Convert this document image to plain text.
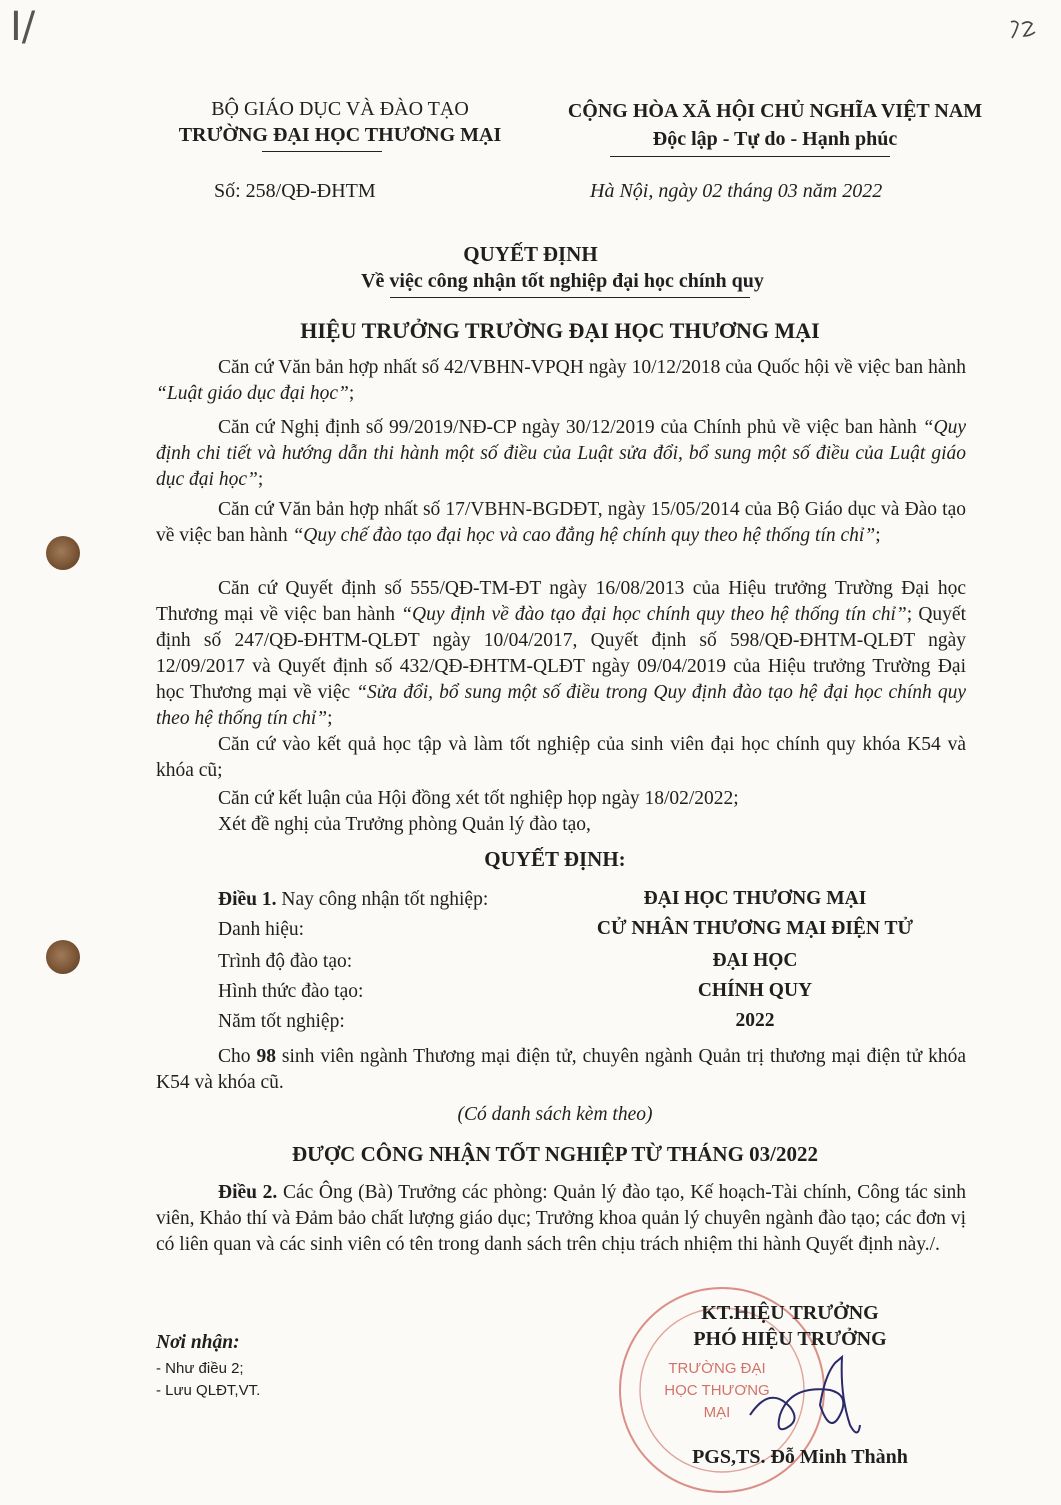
I/
BỘ GIÁO DỤC VÀ ĐÀO TẠO
TRƯỜNG ĐẠI HỌC THƯƠNG MẠI
CỘNG HÒA XÃ HỘI CHỦ NGHĨA VIỆT NAM
Độc lập - Tự do - Hạnh phúc
Số: 258/QĐ-ĐHTM	Hà Nội, ngày 02 tháng 03 năm 2022
QUYẾT ĐỊNH
Về việc công nhận tốt nghiệp đại học chính quy
HIỆU TRƯỞNG TRƯỜNG ĐẠI HỌC THƯƠNG MẠI
Căn cứ Văn bản hợp nhất số 42/VBHN-VPQH ngày 10/12/2018 của Quốc hội về việc ban hành “Luật giáo dục đại học”;
Căn cứ Nghị định số 99/2019/NĐ-CP ngày 30/12/2019 của Chính phủ về việc ban hành “Quy định chi tiết và hướng dẫn thi hành một số điều của Luật sửa đổi, bổ sung một số điều của Luật giáo dục đại học”;
Căn cứ Văn bản hợp nhất số 17/VBHN-BGDĐT, ngày 15/05/2014 của Bộ Giáo dục và Đào tạo về việc ban hành “Quy chế đào tạo đại học và cao đẳng hệ chính quy theo hệ thống tín chỉ”;
Căn cứ Quyết định số 555/QĐ-TM-ĐT ngày 16/08/2013 của Hiệu trưởng Trường Đại học Thương mại về việc ban hành “Quy định về đào tạo đại học chính quy theo hệ thống tín chỉ”; Quyết định số 247/QĐ-ĐHTM-QLĐT ngày 10/04/2017, Quyết định số 598/QĐ-ĐHTM-QLĐT ngày 12/09/2017 và Quyết định số 432/QĐ-ĐHTM-QLĐT ngày 09/04/2019 của Hiệu trưởng Trường Đại học Thương mại về việc “Sửa đổi, bổ sung một số điều trong Quy định đào tạo hệ đại học chính quy theo hệ thống tín chỉ”;
Căn cứ vào kết quả học tập và làm tốt nghiệp của sinh viên đại học chính quy khóa K54 và khóa cũ;
Căn cứ kết luận của Hội đồng xét tốt nghiệp họp ngày 18/02/2022;
Xét đề nghị của Trưởng phòng Quản lý đào tạo,
QUYẾT ĐỊNH:
Điều 1. Nay công nhận tốt nghiệp:	ĐẠI HỌC THƯƠNG MẠI
Danh hiệu:	CỬ NHÂN THƯƠNG MẠI ĐIỆN TỬ
Trình độ đào tạo:	ĐẠI HỌC
Hình thức đào tạo:	CHÍNH QUY
Năm tốt nghiệp:	2022
Cho 98 sinh viên ngành Thương mại điện tử, chuyên ngành Quản trị thương mại điện tử khóa K54 và khóa cũ.
(Có danh sách kèm theo)
ĐƯỢC CÔNG NHẬN TỐT NGHIỆP TỪ THÁNG 03/2022
Điều 2. Các Ông (Bà) Trưởng các phòng: Quản lý đào tạo, Kế hoạch-Tài chính, Công tác sinh viên, Khảo thí và Đảm bảo chất lượng giáo dục; Trưởng khoa quản lý chuyên ngành đào tạo; các đơn vị có liên quan và các sinh viên có tên trong danh sách trên chịu trách nhiệm thi hành Quyết định này./.
Nơi nhận:
- Như điều 2;
- Lưu QLĐT,VT.
TRƯỜNG ĐẠI HỌC THƯƠNG MẠI
KT.HIỆU TRƯỞNG
PHÓ HIỆU TRƯỞNG
PGS,TS. Đỗ Minh Thành
